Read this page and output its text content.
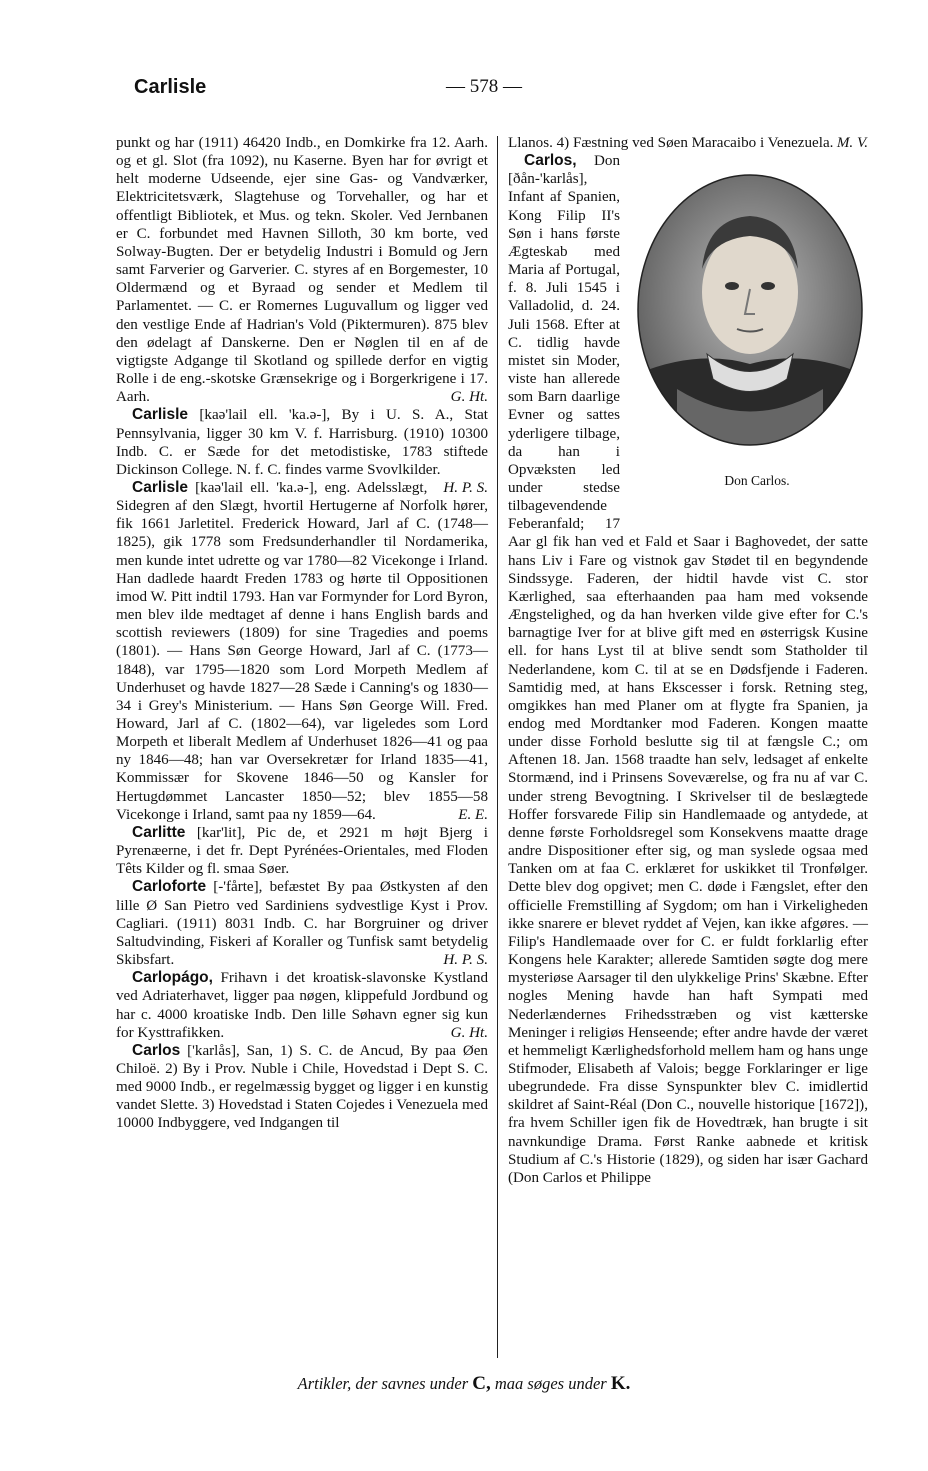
Carlisle	— 578 —

punkt og har (1911) 46420 Indb., en Domkirke fra 12. Aarh. og et gl. Slot (fra 1092), nu Kaserne. Byen har for øvrigt et helt moderne Udseende, ejer sine Gas- og Vandværker, Elektricitetsværk, Slagtehuse og Torvehaller, og har et offentligt Bibliotek, et Mus. og tekn. Skoler. Ved Jernbanen er C. forbundet med Havnen Silloth, 30 km borte, ved Solway-Bugten. Der er betydelig Industri i Bomuld og Jern samt Farverier og Garverier. C. styres af en Borgemester, 10 Oldermænd og et Byraad og sender et Medlem til Parlamentet. — C. er Romernes Luguvallum og ligger ved den vestlige Ende af Hadrian's Vold (Piktermuren). 875 blev den ødelagt af Danskerne. Den er Nøglen til en af de vigtigste Adgange til Skotland og spillede derfor en vigtig Rolle i de eng.-skotske Grænsekrige og i Borgerkrigene i 17. Aarh.	G. Ht.

Carlisle [kaə'lail ell. 'ka.ə-], By i U. S. A., Stat Pennsylvania, ligger 30 km V. f. Harrisburg. (1910) 10300 Indb. C. er Sæde for det metodistiske, 1783 stiftede Dickinson College. N. f. C. findes varme Svovlkilder.
H. P. S.

Carlisle [kaə'lail ell. 'ka.ə-], eng. Adelsslægt, Sidegren af den Slægt, hvortil Hertugerne af Norfolk hører, fik 1661 Jarletitel. Frederick Howard, Jarl af C. (1748—1825), gik 1778 som Fredsunderhandler til Nordamerika, men kunde intet udrette og var 1780—82 Vicekonge i Irland. Han dadlede haardt Freden 1783 og hørte til Oppositionen imod W. Pitt indtil 1793. Han var Formynder for Lord Byron, men blev ilde medtaget af denne i hans English bards and scottish reviewers (1809) for sine Tragedies and poems (1801). — Hans Søn George Howard, Jarl af C. (1773—1848), var 1795—1820 som Lord Morpeth Medlem af Underhuset og havde 1827—28 Sæde i Canning's og 1830—34 i Grey's Ministerium. — Hans Søn George Will. Fred. Howard, Jarl af C. (1802—64), var ligeledes som Lord Morpeth et liberalt Medlem af Underhuset 1826—41 og paa ny 1846—48; han var Oversekretær for Irland 1835—41, Kommissær for Skovene 1846—50 og Kansler for Hertugdømmet Lancaster 1850—52; blev 1855—58 Vicekonge i Irland, samt paa ny 1859—64.	E. E.

Carlitte [kar'lit], Pic de, et 2921 m højt Bjerg i Pyrenæerne, i det fr. Dept Pyrénées-Orientales, med Floden Têts Kilder og fl. smaa Søer.

Carloforte [-'fårte], befæstet By paa Østkysten af den lille Ø San Pietro ved Sardiniens sydvestlige Kyst i Prov. Cagliari. (1911) 8031 Indb. C. har Borgruiner og driver Saltudvinding, Fiskeri af Koraller og Tunfisk samt betydelig Skibsfart.	H. P. S.

Carlopágo, Frihavn i det kroatisk-slavonske Kystland ved Adriaterhavet, ligger paa nøgen, klippefuld Jordbund og har c. 4000 kroatiske Indb. Den lille Søhavn egner sig kun for Kysttrafikken.	G. Ht.

Carlos ['karlås], San, 1) S. C. de Ancud, By paa Øen Chiloë. 2) By i Prov. Nuble i Chile, Hovedstad i Dept S. C. med 9000 Indb., er regelmæssig bygget og ligger i en kunstig vandet Slette. 3) Hovedstad i Staten Cojedes i Venezuela med 10000 Indbyggere, ved Indgangen til

Llanos. 4) Fæstning ved Søen Maracaibo i Venezuela. M. V.

Carlos,
Don Carlos.
Don [ðån-'karlås], Infant af Spanien, Kong Filip II's Søn i hans første Ægteskab med Maria af Portugal, f. 8. Juli 1545 i Valladolid, d. 24. Juli 1568. Efter at C. tidlig havde mistet sin Moder, viste han allerede som Barn daarlige Evner og sattes yderligere tilbage, da han i Opvæksten led under stedse tilbagevendende Feberanfald; 17 Aar gl fik han ved et Fald et Saar i Baghovedet, der satte hans Liv i Fare og vistnok gav Stødet til en begyndende Sindssyge. Faderen, der hidtil havde vist C. stor Kærlighed, saa efterhaanden paa ham med voksende Ængstelighed, og da han hverken vilde give efter for C.'s barnagtige Iver for at blive gift med en østerrigsk Kusine ell. for hans Lyst til at blive sendt som Statholder til Nederlandene, kom C. til at se en Dødsfjende i Faderen. Samtidig med, at hans Ekscesser i forsk. Retning steg, omgikkes han med Planer om at flygte fra Spanien, ja endog med Mordtanker mod Faderen. Kongen maatte under disse Forhold beslutte sig til at fængsle C.; om Aftenen 18. Jan. 1568 traadte han selv, ledsaget af enkelte Stormænd, ind i Prinsens Soveværelse, og fra nu af var C. under streng Bevogtning. I Skrivelser til de beslægtede Hoffer forsvarede Filip sin Handlemaade og antydede, at denne første Forholdsregel som Konsekvens maatte drage andre Dispositioner efter sig, og man syslede ogsaa med Tanken om at faa C. erklæret for uskikket til Tronfølger. Dette blev dog opgivet; men C. døde i Fængslet, efter den officielle Fremstilling af Sygdom; om han i Virkeligheden ikke snarere er blevet ryddet af Vejen, kan ikke afgøres. — Filip's Handlemaade over for C. er fuldt forklarlig efter Kongens hele Karakter; allerede Samtiden søgte dog mere mysteriøse Aarsager til den ulykkelige Prins' Skæbne. Efter nogles Mening havde han haft Sympati med Nederlændernes Frihedsstræben og vist kætterske Meninger i religiøs Henseende; efter andre havde der været et hemmeligt Kærlighedsforhold mellem ham og hans unge Stifmoder, Elisabeth af Valois; begge Forklaringer er lige ubegrundede. Fra disse Synspunkter blev C. imidlertid skildret af Saint-Réal (Don C., nouvelle historique [1672]), fra hvem Schiller igen fik de Hovedtræk, han brugte i sit navnkundige Drama. Først Ranke aabnede et kritisk Studium af C.'s Historie (1829), og siden har især Gachard (Don Carlos et Philippe

Artikler, der savnes under C, maa søges under K.
